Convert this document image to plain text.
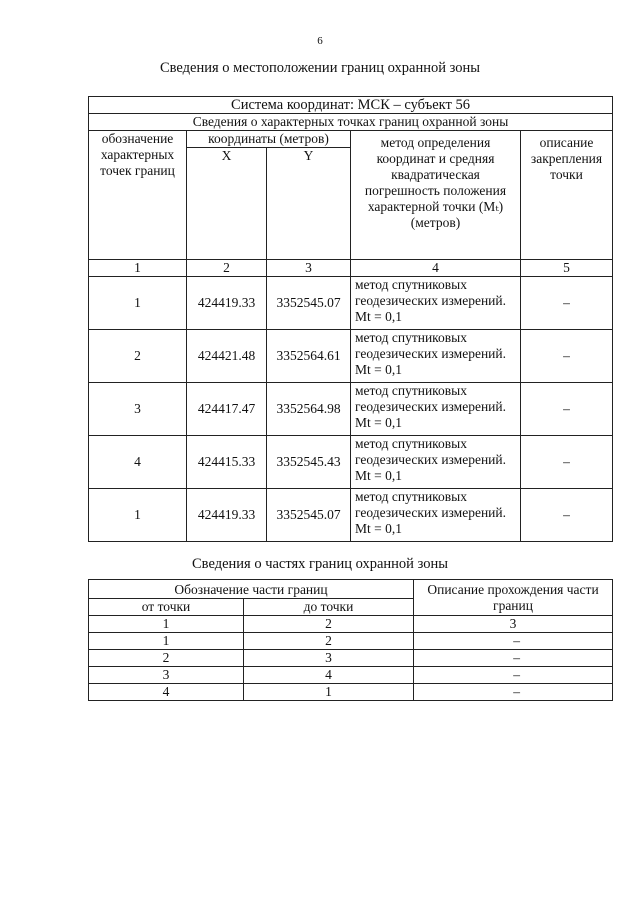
6
Сведения о местоположении границ охранной зоны
Система координат: МСК – субъект 56				
Сведения о характерных точках границ охранной зоны				
обозначение характерных точек границ	координаты (метров)		метод определения координат и средняя квадратическая погрешность положения характерной точки (Mₜ) (метров)	описание закрепления точки
	X	Y		
1	2	3	4	5
1	424419.33	3352545.07	метод спутниковых геодезических измерений. Mt = 0,1	–
2	424421.48	3352564.61	метод спутниковых геодезических измерений. Mt = 0,1	–
3	424417.47	3352564.98	метод спутниковых геодезических измерений. Mt = 0,1	–
4	424415.33	3352545.43	метод спутниковых геодезических измерений. Mt = 0,1	–
1	424419.33	3352545.07	метод спутниковых геодезических измерений. Mt = 0,1	–
Сведения о частях границ охранной зоны
Обозначение части границ		Описание прохождения части границ
от точки	до точки	
1	2	3
1	2	–
2	3	–
3	4	–
4	1	–
